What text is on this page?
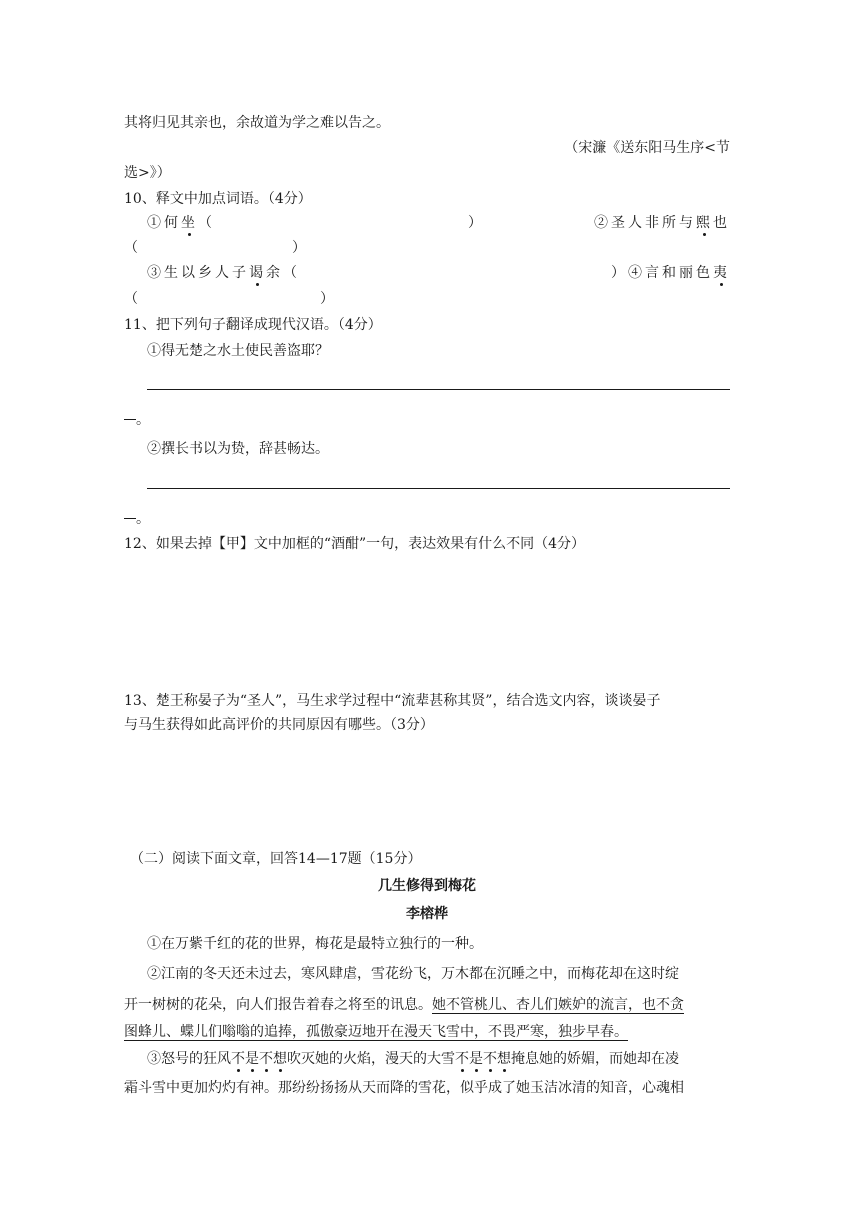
其将归见其亲也，余故道为学之难以告之。
（宋濂《送东阳马生序<节
选>》）
10、释文中加点词语。（4分）
①何坐（	）	②圣人非所与熙也
（	）
③生以乡人子谒余（	）④言和丽色夷
（	）
11、把下列句子翻译成现代汉语。（4分）
①得无楚之水土使民善盗耶？
。
②撰长书以为贽，辞甚畅达。
。
12、如果去掉【甲】文中加框的“酒酣”一句，表达效果有什么不同（4分）
13、楚王称晏子为“圣人”，马生求学过程中“流辈甚称其贤”，结合选文内容，谈谈晏子
与马生获得如此高评价的共同原因有哪些。（3分）
（二）阅读下面文章，回答14—17题（15分）
几生修得到梅花
李榕桦
①在万紫千红的花的世界，梅花是最特立独行的一种。
②江南的冬天还未过去，寒风肆虐，雪花纷飞，万木都在沉睡之中，而梅花却在这时绽
开一树树的花朵，向人们报告着春之将至的讯息。她不管桃儿、杏儿们嫉妒的流言，也不贪
图蜂儿、蝶儿们嗡嗡的追捧，孤傲豪迈地开在漫天飞雪中，不畏严寒，独步早春。
③怒号的狂风不是不想吹灭她的火焰，漫天的大雪不是不想掩息她的娇媚，而她却在凌
霜斗雪中更加灼灼有神。那纷纷扬扬从天而降的雪花，似乎成了她玉洁冰清的知音，心魂相
